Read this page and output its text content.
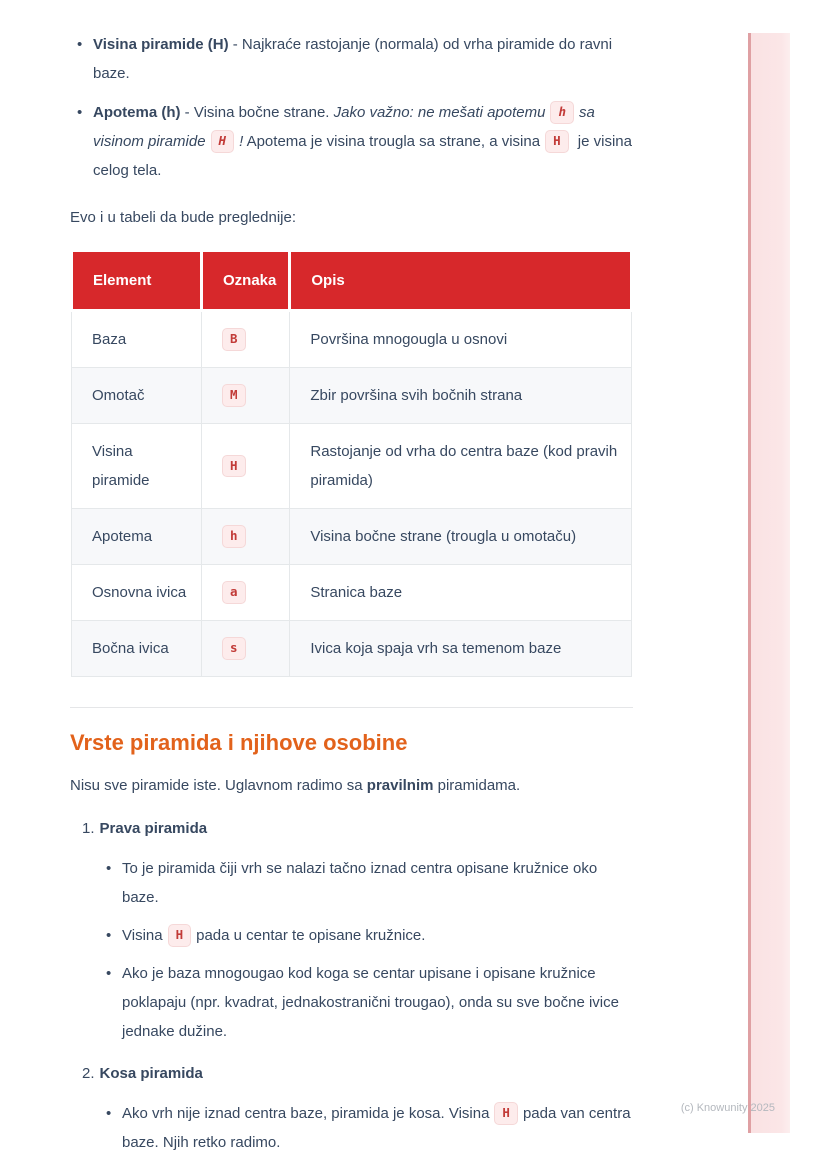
• Visina piramide (H) - Najkraće rastojanje (normala) od vrha piramide do ravni baze.
• Apotema (h) - Visina bočne strane. Jako važno: ne mešati apotemu h sa visinom piramide H ! Apotema je visina trougla sa strane, a visina H je visina celog tela.

Evo i u tabeli da bude preglednije:

Element	Oznaka	Opis
Baza	B	Površina mnogougla u osnovi
Omotač	M	Zbir površina svih bočnih strana
Visina piramide	H	Rastojanje od vrha do centra baze (kod pravih piramida)
Apotema	h	Visina bočne strane (trougla u omotaču)
Osnovna ivica	a	Stranica baze
Bočna ivica	s	Ivica koja spaja vrh sa temenom baze
Vrste piramida i njihove osobine

Nisu sve piramide iste. Uglavnom radimo sa pravilnim piramidama.

1. Prava piramida
• To je piramida čiji vrh se nalazi tačno iznad centra opisane kružnice oko baze.
• Visina H pada u centar te opisane kružnice.
• Ako je baza mnogougao kod koga se centar upisane i opisane kružnice poklapaju (npr. kvadrat, jednakostranični trougao), onda su sve bočne ivice jednake dužine.
2. Kosa piramida
• Ako vrh nije iznad centra baze, piramida je kosa. Visina H pada van centra baze. Njih retko radimo.
(c) Knowunity 2025
